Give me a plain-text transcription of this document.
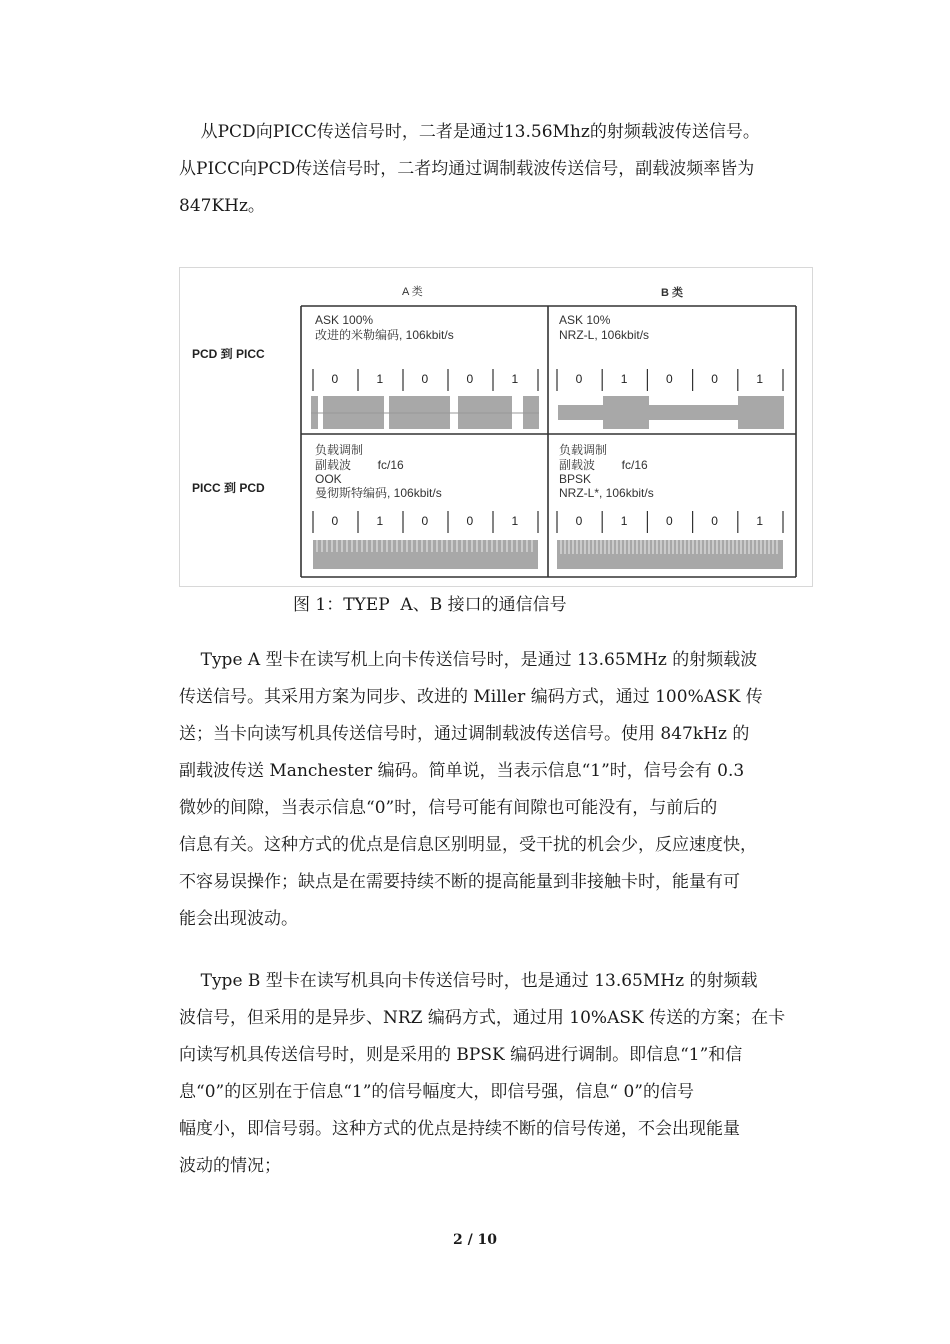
从PCD向PICC传送信号时，二者是通过13.56Mhz的射频载波传送信号。
从PICC向PCD传送信号时，二者均通过调制载波传送信号，副载波频率皆为
847KHz。
A 类	B 类
PCD 到 PICC
PICC 到 PCD
ASK 100%
改进的米勒编码, 106kbit/s
ASK 10%
NRZ-L, 106kbit/s
负载调制
副载波        fc/16
OOK
曼彻斯特编码, 106kbit/s
负载调制
副载波        fc/16
BPSK
NRZ-L*, 106kbit/s
0	1	0	0	1	0	1	0	0	1
0	1	0	0	1	0	1	0	0	1
图 1：TYEP  A、B 接口的通信信号
Type A 型卡在读写机上向卡传送信号时，是通过 13.65MHz 的射频载波
传送信号。其采用方案为同步、改进的 Miller 编码方式，通过 100%ASK 传
送；当卡向读写机具传送信号时，通过调制载波传送信号。使用 847kHz 的
副载波传送 Manchester 编码。简单说，当表示信息“1”时，信号会有 0.3
微妙的间隙，当表示信息“0”时，信号可能有间隙也可能没有，与前后的
信息有关。这种方式的优点是信息区别明显，受干扰的机会少，反应速度快，
不容易误操作；缺点是在需要持续不断的提高能量到非接触卡时，能量有可
能会出现波动。
Type B 型卡在读写机具向卡传送信号时，也是通过 13.65MHz 的射频载
波信号，但采用的是异步、NRZ 编码方式，通过用 10%ASK 传送的方案；在卡
向读写机具传送信号时，则是采用的 BPSK 编码进行调制。即信息“1”和信
息“0”的区别在于信息“1”的信号幅度大，即信号强，信息“ 0”的信号
幅度小，即信号弱。这种方式的优点是持续不断的信号传递，不会出现能量
波动的情况；
2 / 10
